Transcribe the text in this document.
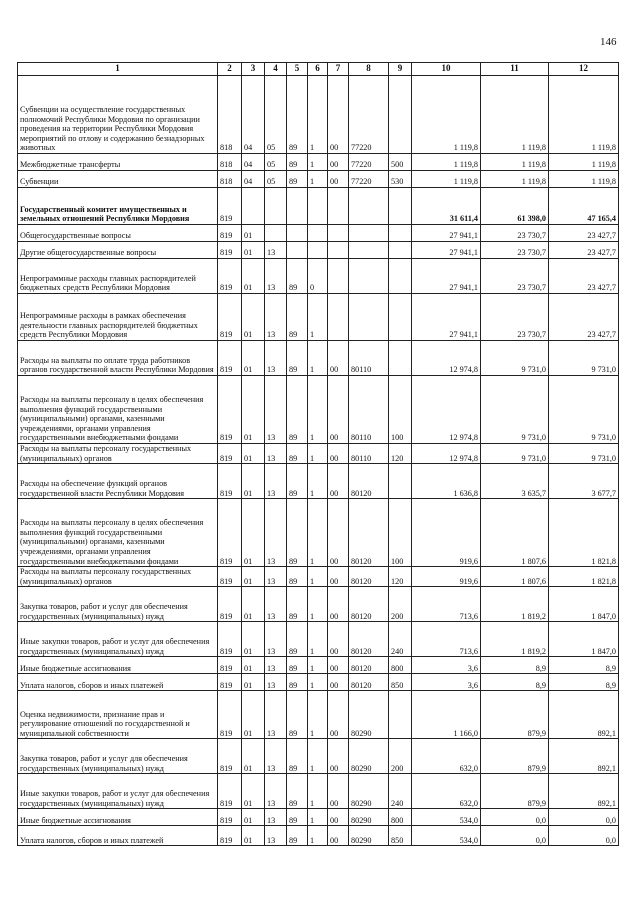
146
1	2	3	4	5	6	7	8	9	10	11	12
Субвенции на осуществление государственных полномочий Республики Мордовия по организации проведения на территории Республики Мордовия мероприятий по отлову и содержанию безнадзорных животных	818	04	05	89	1	00	77220		1 119,8	1 119,8	1 119,8
Межбюджетные трансферты	818	04	05	89	1	00	77220	500	1 119,8	1 119,8	1 119,8
Субвенции	818	04	05	89	1	00	77220	530	1 119,8	1 119,8	1 119,8
Государственный комитет имущественных и земельных отношений Республики Мордовия	819								31 611,4	61 398,0	47 165,4
Общегосударственные вопросы	819	01							27 941,1	23 730,7	23 427,7
Другие общегосударственные вопросы	819	01	13						27 941,1	23 730,7	23 427,7
Непрограммные расходы главных распорядителей бюджетных средств Республики Мордовия	819	01	13	89	0				27 941,1	23 730,7	23 427,7
Непрограммные расходы в рамках обеспечения деятельности главных распорядителей бюджетных средств Республики Мордовия	819	01	13	89	1				27 941,1	23 730,7	23 427,7
Расходы на выплаты по оплате труда работников органов государственной власти Республики Мордовия	819	01	13	89	1	00	80110		12 974,8	9 731,0	9 731,0
Расходы на выплаты персоналу в целях обеспечения выполнения функций государственными (муниципальными) органами, казенными учреждениями, органами управления государственными внебюджетными фондами	819	01	13	89	1	00	80110	100	12 974,8	9 731,0	9 731,0
Расходы на выплаты персоналу государственных (муниципальных) органов	819	01	13	89	1	00	80110	120	12 974,8	9 731,0	9 731,0
Расходы на обеспечение функций органов государственной власти Республики Мордовия	819	01	13	89	1	00	80120		1 636,8	3 635,7	3 677,7
Расходы на выплаты персоналу в целях обеспечения выполнения функций государственными (муниципальными) органами, казенными учреждениями, органами управления государственными внебюджетными фондами	819	01	13	89	1	00	80120	100	919,6	1 807,6	1 821,8
Расходы на выплаты персоналу государственных (муниципальных) органов	819	01	13	89	1	00	80120	120	919,6	1 807,6	1 821,8
Закупка товаров, работ и услуг для обеспечения государственных (муниципальных) нужд	819	01	13	89	1	00	80120	200	713,6	1 819,2	1 847,0
Иные закупки товаров, работ и услуг для обеспечения государственных (муниципальных) нужд	819	01	13	89	1	00	80120	240	713,6	1 819,2	1 847,0
Иные бюджетные ассигнования	819	01	13	89	1	00	80120	800	3,6	8,9	8,9
Уплата налогов, сборов и иных платежей	819	01	13	89	1	00	80120	850	3,6	8,9	8,9
Оценка недвижимости, признание прав и регулирование отношений по государственной и муниципальной собственности	819	01	13	89	1	00	80290		1 166,0	879,9	892,1
Закупка товаров, работ и услуг для обеспечения государственных (муниципальных) нужд	819	01	13	89	1	00	80290	200	632,0	879,9	892,1
Иные закупки товаров, работ и услуг для обеспечения государственных (муниципальных) нужд	819	01	13	89	1	00	80290	240	632,0	879,9	892,1
Иные бюджетные ассигнования	819	01	13	89	1	00	80290	800	534,0	0,0	0,0
Уплата налогов, сборов и иных платежей	819	01	13	89	1	00	80290	850	534,0	0,0	0,0
